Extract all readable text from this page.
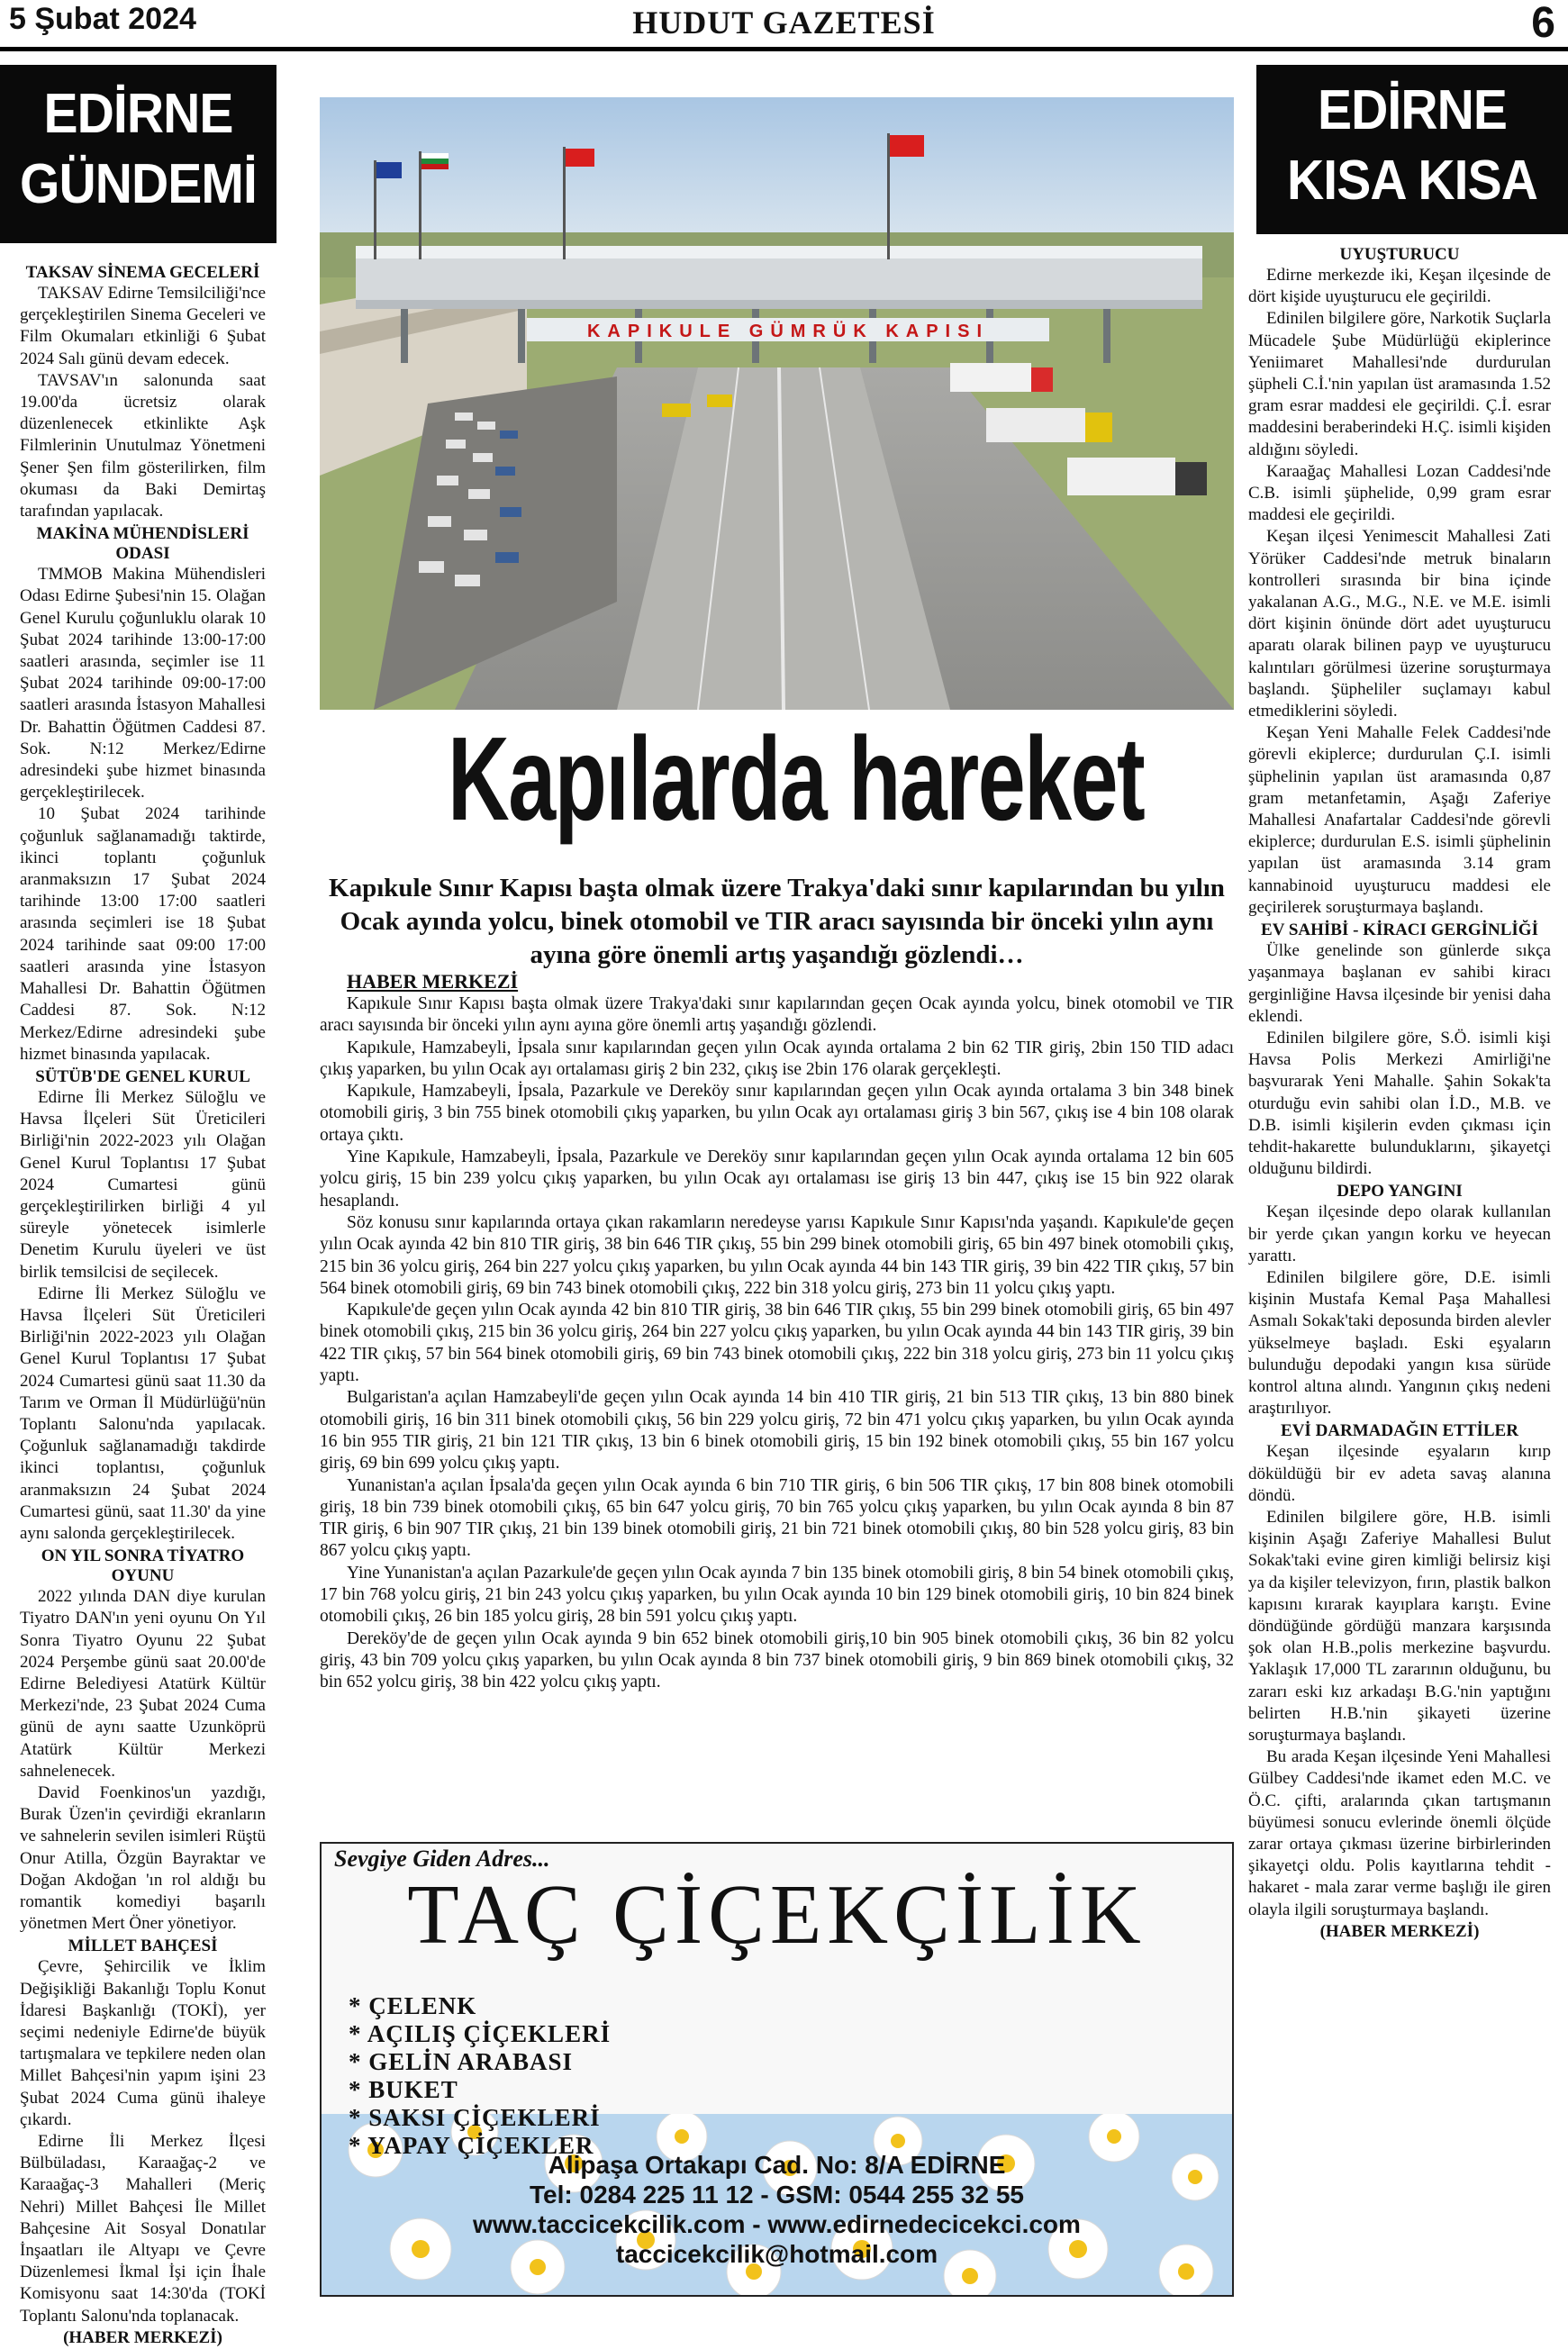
5 Şubat 2024	HUDUT GAZETESİ	6
EDİRNE
GÜNDEMİ
EDİRNE
KISA KISA
TAKSAV SİNEMA GECELERİ

TAKSAV Edirne Temsilciliği'nce gerçekleştirilen Sinema Geceleri ve Film Okumaları etkinliği 6 Şubat 2024 Salı günü devam edecek.

TAVSAV'ın salonunda saat 19.00'da ücretsiz olarak düzenlenecek etkinlikte Aşk Filmlerinin Unutulmaz Yönetmeni Şener Şen film gösterilirken, film okuması da Baki Demirtaş tarafından yapılacak.

MAKİNA MÜHENDİSLERİ ODASI

TMMOB Makina Mühendisleri Odası Edirne Şubesi'nin 15. Olağan Genel Kurulu çoğunluklu olarak 10 Şubat 2024 tarihinde 13:00-17:00 saatleri arasında, seçimler ise 11 Şubat 2024 tarihinde 09:00-17:00 saatleri arasında İstasyon Mahallesi Dr. Bahattin Öğütmen Caddesi 87. Sok. N:12 Merkez/Edirne adresindeki şube hizmet binasında gerçekleştirilecek.

10 Şubat 2024 tarihinde çoğunluk sağlanamadığı taktirde, ikinci toplantı çoğunluk aranmaksızın 17 Şubat 2024 tarihinde 13:00 17:00 saatleri arasında seçimleri ise 18 Şubat 2024 tarihinde saat 09:00 17:00 saatleri arasında yine İstasyon Mahallesi Dr. Bahattin Öğütmen Caddesi 87. Sok. N:12 Merkez/Edirne adresindeki şube hizmet binasında yapılacak.

SÜTÜB'DE GENEL KURUL

Edirne İli Merkez Süloğlu ve Havsa İlçeleri Süt Üreticileri Birliği'nin 2022-2023 yılı Olağan Genel Kurul Toplantısı 17 Şubat 2024 Cumartesi günü gerçekleştirilirken birliği 4 yıl süreyle yönetecek isimlerle Denetim Kurulu üyeleri ve üst birlik temsilcisi de seçilecek.

Edirne İli Merkez Süloğlu ve Havsa İlçeleri Süt Üreticileri Birliği'nin 2022-2023 yılı Olağan Genel Kurul Toplantısı 17 Şubat 2024 Cumartesi günü saat 11.30 da Tarım ve Orman İl Müdürlüğü'nün Toplantı Salonu'nda yapılacak. Çoğunluk sağlanamadığı takdirde ikinci toplantısı, çoğunluk aranmaksızın 24 Şubat 2024 Cumartesi günü, saat 11.30' da yine aynı salonda gerçekleştirilecek.

ON YIL SONRA TİYATRO OYUNU

2022 yılında DAN diye kurulan Tiyatro DAN'ın yeni oyunu On Yıl Sonra Tiyatro Oyunu 22 Şubat 2024 Perşembe günü saat 20.00'de Edirne Belediyesi Atatürk Kültür Merkezi'nde, 23 Şubat 2024 Cuma günü de aynı saatte Uzunköprü Atatürk Kültür Merkezi sahnelenecek.

David Foenkinos'un yazdığı, Burak Üzen'in çevirdiği ekranların ve sahnelerin sevilen isimleri Rüştü Onur Atilla, Özgün Bayraktar ve Doğan Akdoğan 'ın rol aldığı bu romantik komediyi başarılı yönetmen Mert Öner yönetiyor.

MİLLET BAHÇESİ

Çevre, Şehircilik ve İklim Değişikliği Bakanlığı Toplu Konut İdaresi Başkanlığı (TOKİ), yer seçimi nedeniyle Edirne'de büyük tartışmalara ve tepkilere neden olan Millet Bahçesi'nin yapım işini 23 Şubat 2024 Cuma günü ihaleye çıkardı.

Edirne İli Merkez İlçesi Bülbüladası, Karaağaç-2 ve Karaağaç-3 Mahalleri (Meriç Nehri) Millet Bahçesi İle Millet Bahçesine Ait Sosyal Donatılar İnşaatları ile Altyapı ve Çevre Düzenlemesi İkmal İşi için İhale Komisyonu saat 14:30'da (TOKİ Toplantı Salonu'nda toplanacak.

(HABER MERKEZİ)

UYUŞTURUCU

Edirne merkezde iki, Keşan ilçesinde de dört kişide uyuşturucu ele geçirildi.

Edinilen bilgilere göre, Narkotik Suçlarla Mücadele Şube Müdürlüğü ekiplerince Yeniimaret Mahallesi'nde durdurulan şüpheli C.İ.'nin yapılan üst aramasında 1.52 gram esrar maddesi ele geçirildi. Ç.İ. esrar maddesini beraberindeki H.Ç. isimli kişiden aldığını söyledi.

Karaağaç Mahallesi Lozan Caddesi'nde C.B. isimli şüphelide, 0,99 gram esrar maddesi ele geçirildi.

Keşan ilçesi Yenimescit Mahallesi Zati Yörüker Caddesi'nde metruk binaların kontrolleri sırasında bir bina içinde yakalanan A.G., M.G., N.E. ve M.E. isimli dört kişinin önünde dört adet uyuşturucu aparatı olarak bilinen payp ve uyuşturucu kalıntıları görülmesi üzerine soruşturmaya başlandı. Şüpheliler suçlamayı kabul etmediklerini söyledi.

Keşan Yeni Mahalle Felek Caddesi'nde görevli ekiplerce; durdurulan Ç.I. isimli şüphelinin yapılan üst aramasında 0,87 gram metanfetamin, Aşağı Zaferiye Mahallesi Anafartalar Caddesi'nde görevli ekiplerce; durdurulan E.S. isimli şüphelinin yapılan üst aramasında 3.14 gram kannabinoid uyuşturucu maddesi ele geçirilerek soruşturmaya başlandı.

EV SAHİBİ - KİRACI GERGİNLİĞİ

Ülke genelinde son günlerde sıkça yaşanmaya başlanan ev sahibi kiracı gerginliğine Havsa ilçesinde bir yenisi daha eklendi.

Edinilen bilgilere göre, S.Ö. isimli kişi Havsa Polis Merkezi Amirliği'ne başvurarak Yeni Mahalle. Şahin Sokak'ta oturduğu evin sahibi olan İ.D., M.B. ve D.B. isimli kişilerin evden çıkması için tehdit-hakarette bulunduklarını, şikayetçi olduğunu bildirdi.

DEPO YANGINI

Keşan ilçesinde depo olarak kullanılan bir yerde çıkan yangın korku ve heyecan yarattı.

Edinilen bilgilere göre, D.E. isimli kişinin Mustafa Kemal Paşa Mahallesi Asmalı Sokak'taki deposunda birden alevler yükselmeye başladı. Eski eşyaların bulunduğu depodaki yangın kısa sürüde kontrol altına alındı. Yangının çıkış nedeni araştırılıyor.

EVİ DARMADAĞIN ETTİLER

Keşan ilçesinde eşyaların kırıp döküldüğü bir ev adeta savaş alanına döndü.

Edinilen bilgilere göre, H.B. isimli kişinin Aşağı Zaferiye Mahallesi Bulut Sokak'taki evine giren kimliği belirsiz kişi ya da kişiler televizyon, fırın, plastik balkon kapısını kırarak kayıplara karıştı. Evine döndüğünde gördüğü manzara karşısında şok olan H.B.,polis merkezine başvurdu. Yaklaşık 17,000 TL zararının olduğunu, bu zararı eski kız arkadaşı B.G.'nin yaptığını belirten H.B.'nin şikayeti üzerine soruşturmaya başlandı.

Bu arada Keşan ilçesinde Yeni Mahallesi Gülbey Caddesi'nde ikamet eden M.C. ve Ö.C. çifti, aralarında çıkan tartışmanın büyümesi sonucu evlerinde önemli ölçüde zarar ortaya çıkması üzerine birbirlerinden şikayetçi oldu. Polis kayıtlarına tehdit - hakaret - mala zarar verme başlığı ile giren olayla ilgili soruşturmaya başlandı.

(HABER MERKEZİ)

KAPIKULE GÜMRÜK KAPISI
Kapılarda hareket
Kapıkule Sınır Kapısı başta olmak üzere Trakya'daki sınır kapılarından bu yılın Ocak ayında yolcu, binek otomobil ve TIR aracı sayısında bir önceki yılın aynı ayına göre önemli artış yaşandığı gözlendi…
HABER MERKEZİ

Kapıkule Sınır Kapısı başta olmak üzere Trakya'daki sınır kapılarından geçen Ocak ayında yolcu, binek otomobil ve TIR aracı sayısında bir önceki yılın aynı ayına göre önemli artış yaşandığı gözlendi.

Kapıkule, Hamzabeyli, İpsala sınır kapılarından geçen yılın Ocak ayında ortalama 2 bin 62 TIR giriş, 2bin 150 TID adacı çıkış yaparken, bu yılın Ocak ayı ortalaması giriş 2 bin 232, çıkış ise 2bin 176 olarak gerçekleşti.

Kapıkule, Hamzabeyli, İpsala, Pazarkule ve Dereköy sınır kapılarından geçen yılın Ocak ayında ortalama 3 bin 348 binek otomobili giriş, 3 bin 755 binek otomobili çıkış yaparken, bu yılın Ocak ayı ortalaması giriş 3 bin 567, çıkış ise 4 bin 108 olarak ortaya çıktı.

Yine Kapıkule, Hamzabeyli, İpsala, Pazarkule ve Dereköy sınır kapılarından geçen yılın Ocak ayında ortalama 12 bin 605 yolcu giriş, 15 bin 239 yolcu çıkış yaparken, bu yılın Ocak ayı ortalaması ise giriş 13 bin 447, çıkış ise 15 bin 922 olarak hesaplandı.

Söz konusu sınır kapılarında ortaya çıkan rakamların neredeyse yarısı Kapıkule Sınır Kapısı'nda yaşandı. Kapıkule'de geçen yılın Ocak ayında 42 bin 810 TIR giriş, 38 bin 646 TIR çıkış, 55 bin 299 binek otomobili giriş, 65 bin 497 binek otomobili çıkış, 215 bin 36 yolcu giriş, 264 bin 227 yolcu çıkış yaparken, bu yılın Ocak ayında 44 bin 143 TIR giriş, 39 bin 422 TIR çıkış, 57 bin 564 binek otomobili giriş, 69 bin 743 binek otomobili çıkış, 222 bin 318 yolcu giriş, 273 bin 11 yolcu çıkış yaptı.

Kapıkule'de geçen yılın Ocak ayında 42 bin 810 TIR giriş, 38 bin 646 TIR çıkış, 55 bin 299 binek otomobili giriş, 65 bin 497 binek otomobili çıkış, 215 bin 36 yolcu giriş, 264 bin 227 yolcu çıkış yaparken, bu yılın Ocak ayında 44 bin 143 TIR giriş, 39 bin 422 TIR çıkış, 57 bin 564 binek otomobili giriş, 69 bin 743 binek otomobili çıkış, 222 bin 318 yolcu giriş, 273 bin 11 yolcu çıkış yaptı.

Bulgaristan'a açılan Hamzabeyli'de geçen yılın Ocak ayında 14 bin 410 TIR giriş, 21 bin 513 TIR çıkış, 13 bin 880 binek otomobili giriş, 16 bin 311 binek otomobili çıkış, 56 bin 229 yolcu giriş, 72 bin 471 yolcu çıkış yaparken, bu yılın Ocak ayında 16 bin 955 TIR giriş, 21 bin 121 TIR çıkış, 13 bin 6 binek otomobili giriş, 15 bin 192 binek otomobili çıkış, 55 bin 167 yolcu giriş, 69 bin 699 yolcu çıkış yaptı.

Yunanistan'a açılan İpsala'da geçen yılın Ocak ayında 6 bin 710 TIR giriş, 6 bin 506 TIR çıkış, 17 bin 808 binek otomobili giriş, 18 bin 739 binek otomobili çıkış, 65 bin 647 yolcu giriş, 70 bin 765 yolcu çıkış yaparken, bu yılın Ocak ayında 8 bin 87 TIR giriş, 6 bin 907 TIR çıkış, 21 bin 139 binek otomobili giriş, 21 bin 721 binek otomobili çıkış, 80 bin 528 yolcu giriş, 83 bin 867 yolcu çıkış yaptı.

Yine Yunanistan'a açılan Pazarkule'de geçen yılın Ocak ayında 7 bin 135 binek otomobili giriş, 8 bin 54 binek otomobili çıkış, 17 bin 768 yolcu giriş, 21 bin 243 yolcu çıkış yaparken, bu yılın Ocak ayında 10 bin 129 binek otomobili giriş, 10 bin 824 binek otomobili çıkış, 26 bin 185 yolcu giriş, 28 bin 591 yolcu çıkış yaptı.

Dereköy'de de geçen yılın Ocak ayında 9 bin 652 binek otomobili giriş,10 bin 905 binek otomobili çıkış, 36 bin 82 yolcu giriş, 43 bin 709 yolcu çıkış yaparken, bu yılın Ocak ayında 8 bin 737 binek otomobili giriş, 9 bin 869 binek otomobili çıkış, 32 bin 652 yolcu giriş, 38 bin 422 yolcu çıkış yaptı.

Sevgiye Giden Adres...
TAÇ ÇİÇEKÇİLİK
* ÇELENK
* AÇILIŞ ÇİÇEKLERİ
* GELİN ARABASI
* BUKET
* SAKSI ÇİÇEKLERİ
* YAPAY ÇİÇEKLER
Alipaşa Ortakapı Cad. No: 8/A EDİRNE
Tel: 0284 225 11 12 - GSM: 0544 255 32 55
www.taccicekcilik.com - www.edirnedecicekci.com
taccicekcilik@hotmail.com
